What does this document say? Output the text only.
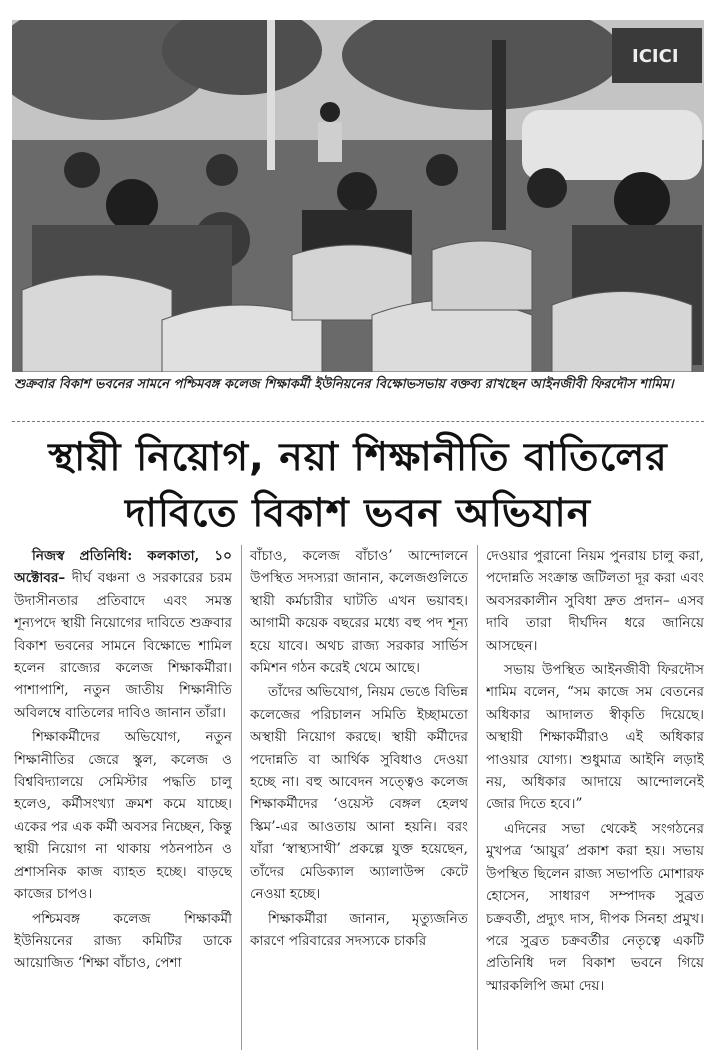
ICICI
শুক্রবার বিকাশ ভবনের সামনে পশ্চিমবঙ্গ কলেজ শিক্ষাকর্মী ইউনিয়নের বিক্ষোভসভায় বক্তব্য রাখছেন আইনজীবী ফিরদৌস শামিম।
স্থায়ী নিয়োগ, নয়া শিক্ষানীতি বাতিলের
দাবিতে বিকাশ ভবন অভিযান

নিজস্ব প্রতিনিধি: কলকাতা, ১০ অক্টোবর– দীর্ঘ বঞ্চনা ও সরকারের চরম উদাসীনতার প্রতিবাদে এবং সমস্ত শূন্যপদে স্থায়ী নিয়োগের দাবিতে শুক্রবার বিকাশ ভবনের সামনে বিক্ষোভে শামিল হলেন রাজ্যের কলেজ শিক্ষাকর্মীরা। পাশাপাশি, নতুন জাতীয় শিক্ষানীতি অবিলম্বে বাতিলের দাবিও জানান তাঁরা।

শিক্ষাকর্মীদের অভিযোগ, নতুন শিক্ষানীতির জেরে স্কুল, কলেজ ও বিশ্ববিদ্যালয়ে সেমিস্টার পদ্ধতি চালু হলেও, কর্মীসংখ্যা ক্রমশ কমে যাচ্ছে। একের পর এক কর্মী অবসর নিচ্ছেন, কিন্তু স্থায়ী নিয়োগ না থাকায় পঠনপাঠন ও প্রশাসনিক কাজ ব্যাহত হচ্ছে। বাড়ছে কাজের চাপও।

পশ্চিমবঙ্গ কলেজ শিক্ষাকর্মী ইউনিয়নের রাজ্য কমিটির ডাকে আয়োজিত ‘শিক্ষা বাঁচাও, পেশা

বাঁচাও, কলেজ বাঁচাও’ আন্দোলনে উপস্থিত সদস্যরা জানান, কলেজগুলিতে স্থায়ী কর্মচারীর ঘাটতি এখন ভয়াবহ। আগামী কয়েক বছরের মধ্যে বহু পদ শূন্য হয়ে যাবে। অথচ রাজ্য সরকার সার্ভিস কমিশন গঠন করেই থেমে আছে।

তাঁদের অভিযোগ, নিয়ম ভেঙে বিভিন্ন কলেজের পরিচালন সমিতি ইচ্ছামতো অস্থায়ী নিয়োগ করছে। স্থায়ী কর্মীদের পদোন্নতি বা আর্থিক সুবিধাও দেওয়া হচ্ছে না। বহু আবেদন সত্ত্বেও কলেজ শিক্ষাকর্মীদের ‘ওয়েস্ট বেঙ্গল হেলথ স্কিম’-এর আওতায় আনা হয়নি। বরং যাঁরা ‘স্বাস্থ্যসাথী’ প্রকল্পে যুক্ত হয়েছেন, তাঁদের মেডিক্যাল অ্যালাউন্স কেটে নেওয়া হচ্ছে।

শিক্ষাকর্মীরা জানান, মৃত্যুজনিত কারণে পরিবারের সদস্যকে চাকরি

দেওয়ার পুরানো নিয়ম পুনরায় চালু করা, পদোন্নতি সংক্রান্ত জটিলতা দূর করা এবং অবসরকালীন সুবিধা দ্রুত প্রদান– এসব দাবি তারা দীর্ঘদিন ধরে জানিয়ে আসছেন।

সভায় উপস্থিত আইনজীবী ফিরদৌস শামিম বলেন, “সম কাজে সম বেতনের অধিকার আদালত স্বীকৃতি দিয়েছে। অস্থায়ী শিক্ষাকর্মীরাও এই অধিকার পাওয়ার যোগ্য। শুধুমাত্র আইনি লড়াই নয়, অধিকার আদায়ে আন্দোলনেই জোর দিতে হবে।”

এদিনের সভা থেকেই সংগঠনের মুখপত্র ‘আয়ুর’ প্রকাশ করা হয়। সভায় উপস্থিত ছিলেন রাজ্য সভাপতি মোশারফ হোসেন, সাধারণ সম্পাদক সুব্রত চক্রবর্তী, প্রদ্যুৎ দাস, দীপক সিনহা প্রমুখ। পরে সুব্রত চক্রবর্তীর নেতৃত্বে একটি প্রতিনিধি দল বিকাশ ভবনে গিয়ে স্মারকলিপি জমা দেয়।
